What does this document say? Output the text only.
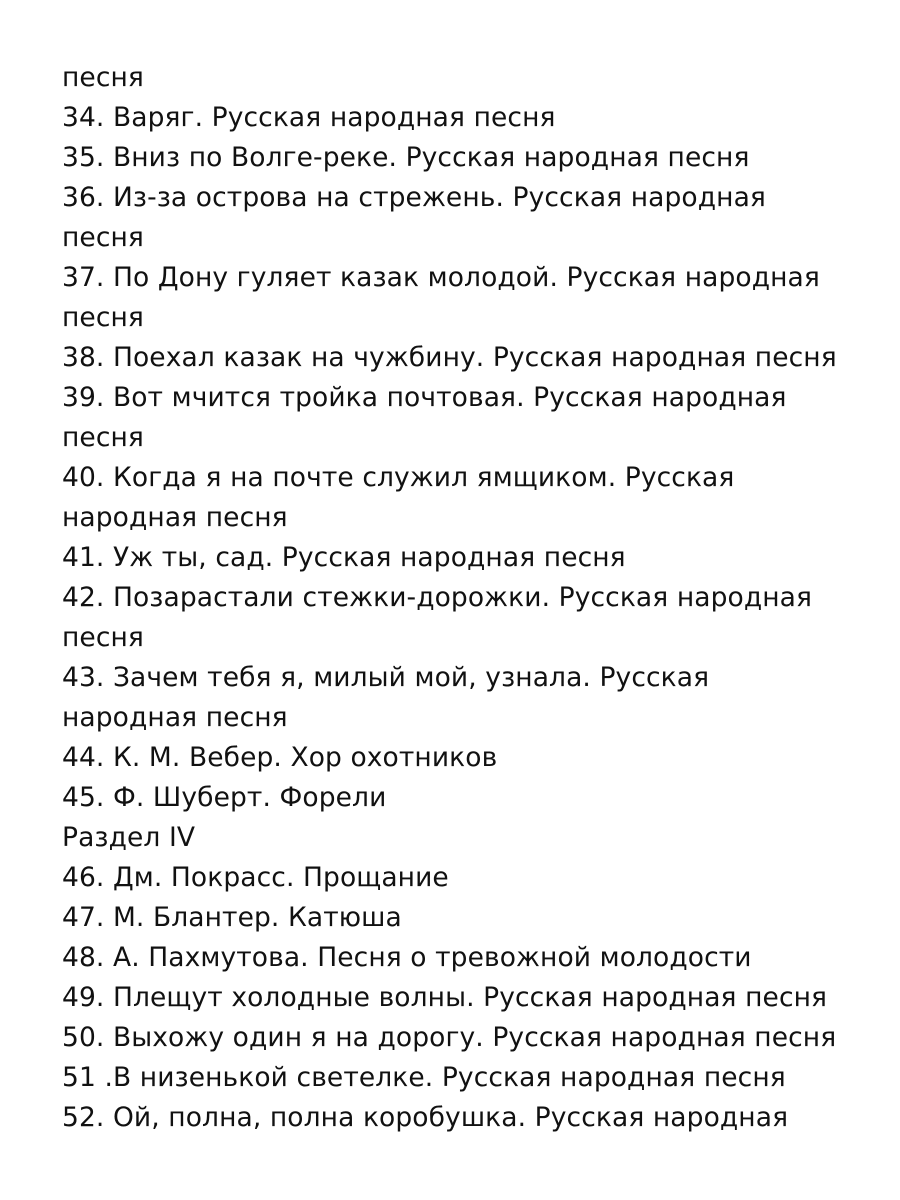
песня
34. Варяг. Русская народная песня
35. Вниз по Волге-реке. Русская народная песня
36. Из-за острова на стрежень. Русская народная
песня
37. По Дону гуляет казак молодой. Русская народная
песня
38. Поехал казак на чужбину. Русская народная песня
39. Вот мчится тройка почтовая. Русская народная
песня
40. Когда я на почте служил ямщиком. Русская
народная песня
41. Уж ты, сад. Русская народная песня
42. Позарастали стежки-дорожки. Русская народная
песня
43. Зачем тебя я, милый мой, узнала. Русская
народная песня
44. К. М. Вебер. Хор охотников
45. Ф. Шуберт. Форели
Раздел IV
46. Дм. Покрасс. Прощание
47. М. Блантер. Катюша
48. А. Пахмутова. Песня о тревожной молодости
49. Плещут холодные волны. Русская народная песня
50. Выхожу один я на дорогу. Русская народная песня
51 .В низенькой светелке. Русская народная песня
52. Ой, полна, полна коробушка. Русская народная
